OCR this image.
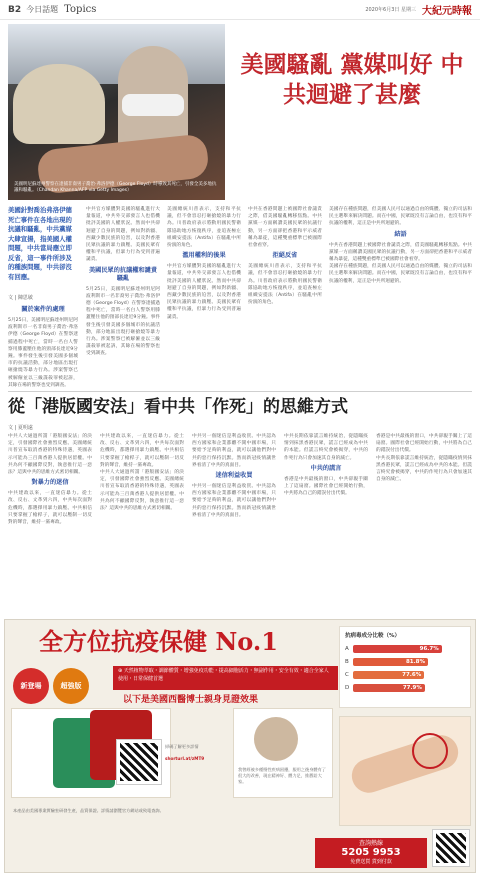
B2 今日話題 Topics	2020年6月3日 星期三 大紀元時報
美國明尼蘇達州警察在逮捕非裔男子喬治·弗洛伊德（George Floyd）時導致其死亡，引發全美多地抗議和騷亂。（Chandan Khanna/AFP via Getty Images）
美國騷亂 黨媒叫好 中共迴避了甚麼
美國針對喬治弗洛伊德死亡事件在各地出現的抗議和騷亂，中共黨媒大肆宣揚，指美國人權問題，中共當局應立即反省，這一事件所涉及的種族問題，中共卻沒有回應。
文 | 陳思敏
關於案件的處理
5月25日，美國明尼蘇達州明尼阿波利斯市一名非裔男子喬治·弗洛伊德（George Floyd）在警察逮捕過程中死亡，當時一名白人警察用膝蓋壓住他的頸部長達近9分鐘。事件發生後引發美國多個城市的抗議活動，部分地區出現打砸搶燒等暴力行為。涉案警察已被解僱並以三級謀殺罪被起訴，其餘在場的警察也受到調查。
中共官方媒體對美國的騷亂進行大量報道，中共外交部發言人也借機批評美國的人權狀況。然而中共卻迴避了自身的問題，例如對新疆、西藏少數民族的迫害，以及對香港民眾抗議的暴力鎮壓。美國民眾有權和平抗議，但暴力行為受到普遍譴責。
美國民眾的抗議權和譴責騷亂
5月25日，美國明尼蘇達州明尼阿波利斯市一名非裔男子喬治·弗洛伊德（George Floyd）在警察逮捕過程中死亡，當時一名白人警察用膝蓋壓住他的頸部長達近9分鐘。事件發生後引發美國多個城市的抗議活動，部分地區出現打砸搶燒等暴力行為。涉案警察已被解僱並以三級謀殺罪被起訴，其餘在場的警察也受到調查。
美國總統川普表示，支持和平抗議，但不會容忍打砸搶燒的暴力行為。川普政府表示將動用國民警衛隊協助地方恢復秩序，並追查極左組織安提法（Antifa）在騷亂中所扮演的角色。
濫用權利的後果
中共官方媒體對美國的騷亂進行大量報道，中共外交部發言人也借機批評美國的人權狀況。然而中共卻迴避了自身的問題，例如對新疆、西藏少數民族的迫害，以及對香港民眾抗議的暴力鎮壓。美國民眾有權和平抗議，但暴力行為受到普遍譴責。
中共在香港問題上被國際社會譴責之際，借美國騷亂轉移焦點。中共黨媒一方面稱讚美國民眾的抗議行動，另一方面卻把香港和平示威者稱為暴徒，這種雙重標準已被國際社會看穿。
拒絕反省
美國總統川普表示，支持和平抗議，但不會容忍打砸搶燒的暴力行為。川普政府表示將動用國民警衛隊協助地方恢復秩序，並追查極左組織安提法（Antifa）在騷亂中所扮演的角色。
美國存在種族問題，但美國人民可以通過自由的媒體、獨立的司法和民主選舉來解決問題。而在中國，民眾既沒有言論自由，也沒有和平抗議的權利，這正是中共所迴避的。
結語
中共在香港問題上被國際社會譴責之際，借美國騷亂轉移焦點。中共黨媒一方面稱讚美國民眾的抗議行動，另一方面卻把香港和平示威者稱為暴徒，這種雙重標準已被國際社會看穿。
美國存在種族問題，但美國人民可以通過自由的媒體、獨立的司法和民主選舉來解決問題。而在中國，民眾既沒有言論自由，也沒有和平抗議的權利，這正是中共所迴避的。
從「港版國安法」看中共「作死」的思維方式
文 | 夏明遠
中共人大通過所謂「港版國安法」的決定，引發國際社會強烈反應。美國總統川普宣布取消香港的特殊待遇，英國表示可能為三百萬香港人提供居留權。中共為何不顧國際反對，執意推行這一惡法？這與中共的思維方式密切相關。
對暴力的迷信
中共建政以來，一直迷信暴力。從土改、反右、文革到六四，中共每次面對危機時，都選擇用暴力鎮壓。中共相信只要掌握了槍桿子，就可以壓制一切反對的聲音，維持一黨專政。
中共建政以來，一直迷信暴力。從土改、反右、文革到六四，中共每次面對危機時，都選擇用暴力鎮壓。中共相信只要掌握了槍桿子，就可以壓制一切反對的聲音，維持一黨專政。
中共人大通過所謂「港版國安法」的決定，引發國際社會強烈反應。美國總統川普宣布取消香港的特殊待遇，英國表示可能為三百萬香港人提供居留權。中共為何不顧國際反對，執意推行這一惡法？這與中共的思維方式密切相關。
中共另一個迷信是利益收買。中共認為西方國家和企業都離不開中國市場，只要給予足夠的利益，就可以讓他們對中共的惡行保持沉默。然而新冠疫情讓世界看清了中共的真面目。
迷信利益收買
中共另一個迷信是利益收買。中共認為西方國家和企業都離不開中國市場，只要給予足夠的利益，就可以讓他們對中共的惡行保持沉默。然而新冠疫情讓世界看清了中共的真面目。
中共長期依靠謊言維持統治，從隱瞞疫情到抹黑香港民眾，謊言已經成為中共的本能。但謊言終究會被揭穿，中共的作死行為只會加速其自身的滅亡。
中共的謊言
香港是中共最後的窗口，中共卻親手關上了這扇窗。國際社會已經開始行動，中共將為自己的錯誤付出代價。
香港是中共最後的窗口，中共卻親手關上了這扇窗。國際社會已經開始行動，中共將為自己的錯誤付出代價。
中共長期依靠謊言維持統治，從隱瞞疫情到抹黑香港民眾，謊言已經成為中共的本能。但謊言終究會被揭穿，中共的作死行為只會加速其自身的滅亡。
全方位抗疫保健 No.1
新登場	超強版
⊕ 天然植物萃取・調節體質・增強免疫功能・提高細胞活力・無副作用・安全有效・適合全家人使用・日常保健首選
以下是美國西醫博士親身見證效果
掃碼了解更多詳情
shorturl.at/zMT9
我曾經被多種慢性疾病困擾，服用之後身體有了很大的改善，現在精神好、體力足，推薦給大家。
抗病毒成分比較（%）
A	96.7%
B	81.8%
C	77.6%
D	77.9%
本產品由美國專業實驗室研發生產，品質保證。詳情請瀏覽官方網站或致電查詢。
查詢熱線
5205 9953
免費送貨 貨到付款
